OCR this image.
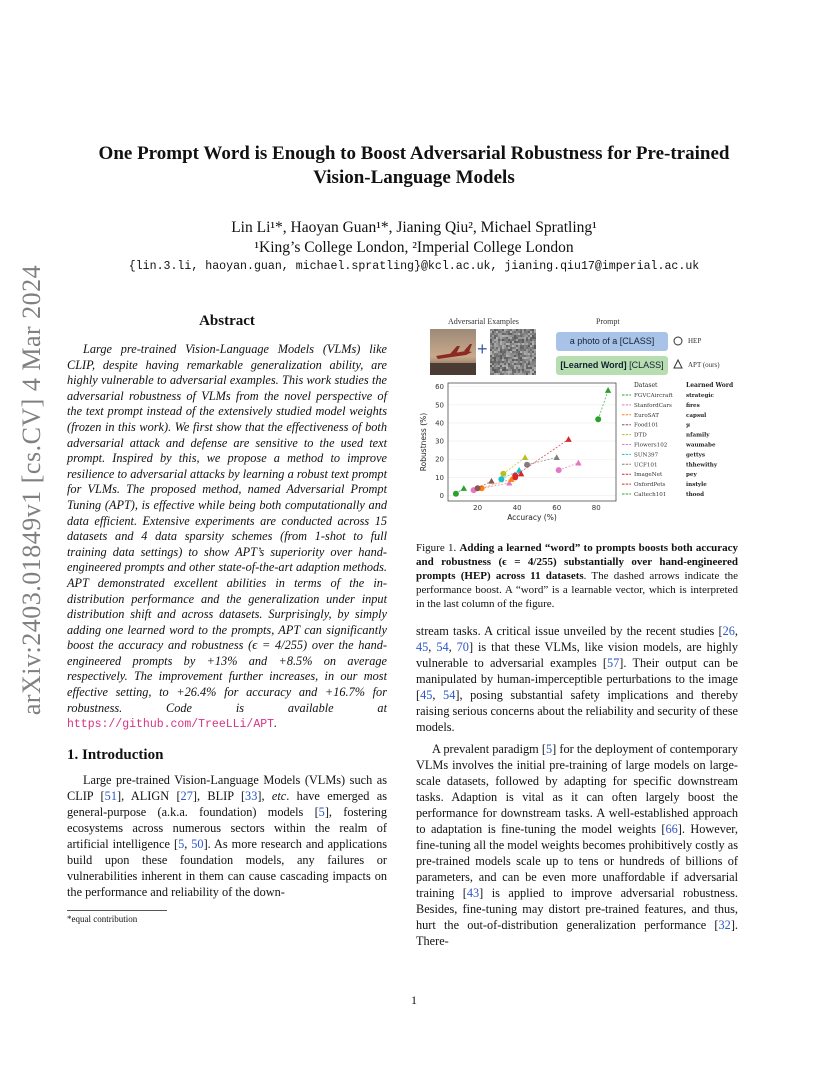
arXiv:2403.01849v1 [cs.CV] 4 Mar 2024
One Prompt Word is Enough to Boost Adversarial Robustness for Pre-trained
Vision-Language Models
Lin Li¹*, Haoyan Guan¹*, Jianing Qiu², Michael Spratling¹
¹King’s College London, ²Imperial College London
{lin.3.li, haoyan.guan, michael.spratling}@kcl.ac.uk, jianing.qiu17@imperial.ac.uk
Abstract

Large pre-trained Vision-Language Models (VLMs) like CLIP, despite having remarkable generalization ability, are highly vulnerable to adversarial examples. This work studies the adversarial robustness of VLMs from the novel perspective of the text prompt instead of the extensively studied model weights (frozen in this work). We first show that the effectiveness of both adversarial attack and defense are sensitive to the used text prompt. Inspired by this, we propose a method to improve resilience to adversarial attacks by learning a robust text prompt for VLMs. The proposed method, named Adversarial Prompt Tuning (APT), is effective while being both computationally and data efficient. Extensive experiments are conducted across 15 datasets and 4 data sparsity schemes (from 1-shot to full training data settings) to show APT’s superiority over hand-engineered prompts and other state-of-the-art adaption methods. APT demonstrated excellent abilities in terms of the in-distribution performance and the generalization under input distribution shift and across datasets. Surprisingly, by simply adding one learned word to the prompts, APT can significantly boost the accuracy and robustness (ϵ = 4/255) over the hand-engineered prompts by +13% and +8.5% on average respectively. The improvement further increases, in our most effective setting, to +26.4% for accuracy and +16.7% for robustness. Code is available at https://github.com/TreeLLi/APT.

1. Introduction

Large pre-trained Vision-Language Models (VLMs) such as CLIP [51], ALIGN [27], BLIP [33], etc. have emerged as general-purpose (a.k.a. foundation) models [5], fostering ecosystems across numerous sectors within the realm of artificial intelligence [5, 50]. As more research and applications build upon these foundation models, any failures or vulnerabilities inherent in them can cause cascading impacts on the performance and reliability of the down-

*equal contribution
Adversarial Examples	Prompt
+	a photo of a [CLASS]
[Learned Word] [CLASS]
HEP
APT (ours)
0
10
20
30
40
50
60
20	40	60	80
Accuracy (%)
Robustness (%)
Dataset	Learned Word
FGVCAircraft strategic
StanfordCars	fires
EuroSAT	capsul
Food101	ჯ
DTD	nfamily
Flowers102	waumabe
SUN397	gettys
UCF101	thhewithy
ImageNet	pey
OxfordPets	instyle
Caltech101	thood
Figure 1. Adding a learned “word” to prompts boosts both accuracy and robustness (ϵ = 4/255) substantially over hand-engineered prompts (HEP) across 11 datasets. The dashed arrows indicate the performance boost. A “word” is a learnable vector, which is interpreted in the last column of the figure.

stream tasks. A critical issue unveiled by the recent studies [26, 45, 54, 70] is that these VLMs, like vision models, are highly vulnerable to adversarial examples [57]. Their output can be manipulated by human-imperceptible perturbations to the image [45, 54], posing substantial safety implications and thereby raising serious concerns about the reliability and security of these models.

A prevalent paradigm [5] for the deployment of contemporary VLMs involves the initial pre-training of large models on large-scale datasets, followed by adapting for specific downstream tasks. Adaption is vital as it can often largely boost the performance for downstream tasks. A well-established approach to adaptation is fine-tuning the model weights [66]. However, fine-tuning all the model weights becomes prohibitively costly as pre-trained models scale up to tens or hundreds of billions of parameters, and can be even more unaffordable if adversarial training [43] is applied to improve adversarial robustness. Besides, fine-tuning may distort pre-trained features, and thus, hurt the out-of-distribution generalization performance [32]. There-

1
